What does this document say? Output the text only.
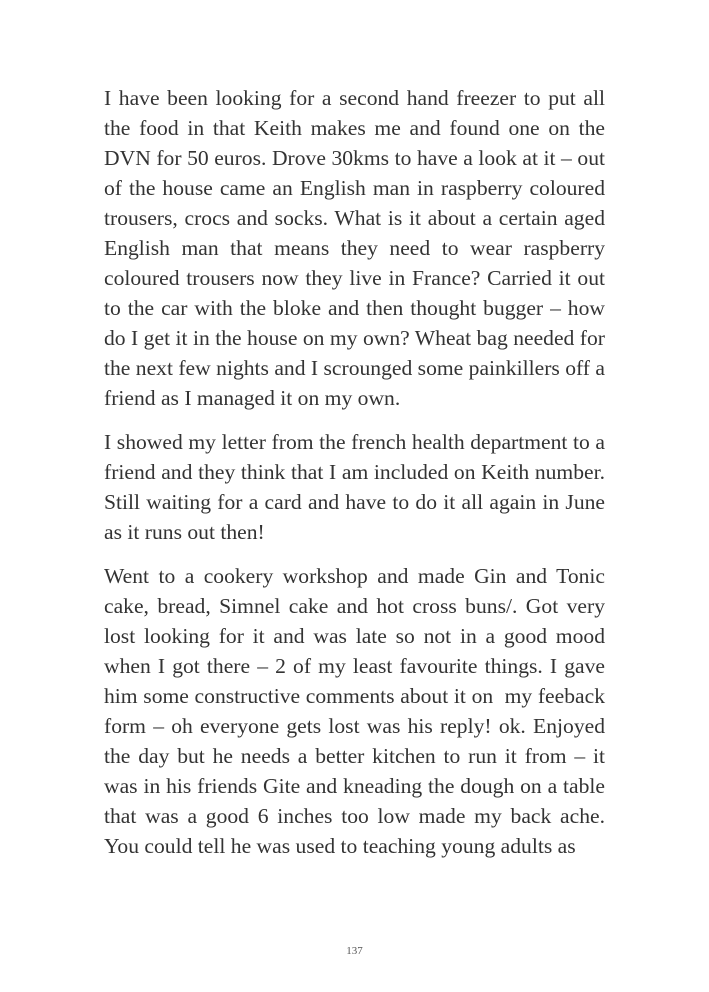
I have been looking for a second hand freezer to put all the food in that Keith makes me and found one on the DVN for 50 euros. Drove 30kms to have a look at it – out of the house came an English man in raspberry coloured trousers, crocs and socks. What is it about a certain aged English man that means they need to wear raspberry coloured trousers now they live in France? Carried it out to the car with the bloke and then thought bugger – how do I get it in the house on my own? Wheat bag needed for the next few nights and I scrounged some painkillers off a friend as I managed it on my own.

I showed my letter from the french health department to a friend and they think that I am included on Keith number. Still waiting for a card and have to do it all again in June as it runs out then!

Went to a cookery workshop and made Gin and Tonic cake, bread, Simnel cake and hot cross buns/. Got very lost looking for it and was late so not in a good mood when I got there – 2 of my least favourite things. I gave him some constructive comments about it on  my feeback form – oh everyone gets lost was his reply! ok. Enjoyed the day but he needs a better kitchen to run it from – it was in his friends Gite and kneading the dough on a table that was a good 6 inches too low made my back ache. You could tell he was used to teaching young adults as

137
